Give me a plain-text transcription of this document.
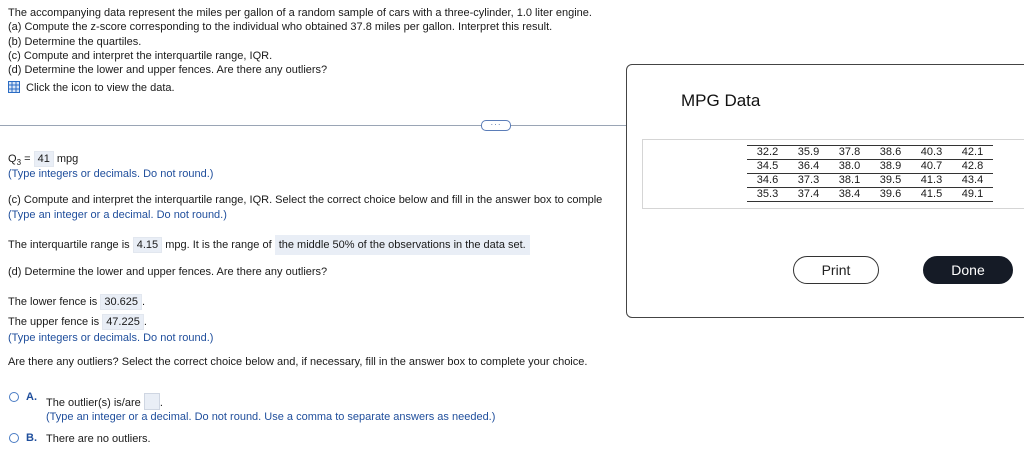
The accompanying data represent the miles per gallon of a random sample of cars with a three-cylinder, 1.0 liter engine.
(a) Compute the z-score corresponding to the individual who obtained 37.8 miles per gallon. Interpret this result.
(b) Determine the quartiles.
(c) Compute and interpret the interquartile range, IQR.
(d) Determine the lower and upper fences. Are there any outliers?
Click the icon to view the data.
···
$Q_3 = 41$ mpg
(Type integers or decimals. Do not round.)
(c) Compute and interpret the interquartile range, IQR. Select the correct choice below and fill in the answer box to comple
(Type an integer or a decimal. Do not round.)
The interquartile range is 4.15 mpg. It is the range of the middle 50% of the observations in the data set.
(d) Determine the lower and upper fences. Are there any outliers?
The lower fence is 30.625 .
The upper fence is 47.225 .
(Type integers or decimals. Do not round.)
Are there any outliers? Select the correct choice below and, if necessary, fill in the answer box to complete your choice.
A. The outlier(s) is/are .
(Type an integer or a decimal. Do not round. Use a comma to separate answers as needed.)
B. There are no outliers.
MPG Data
32.2	35.9	37.8	38.6	40.3	42.1
34.5	36.4	38.0	38.9	40.7	42.8
34.6	37.3	38.1	39.5	41.3	43.4
35.3	37.4	38.4	39.6	41.5	49.1
Print	Done
